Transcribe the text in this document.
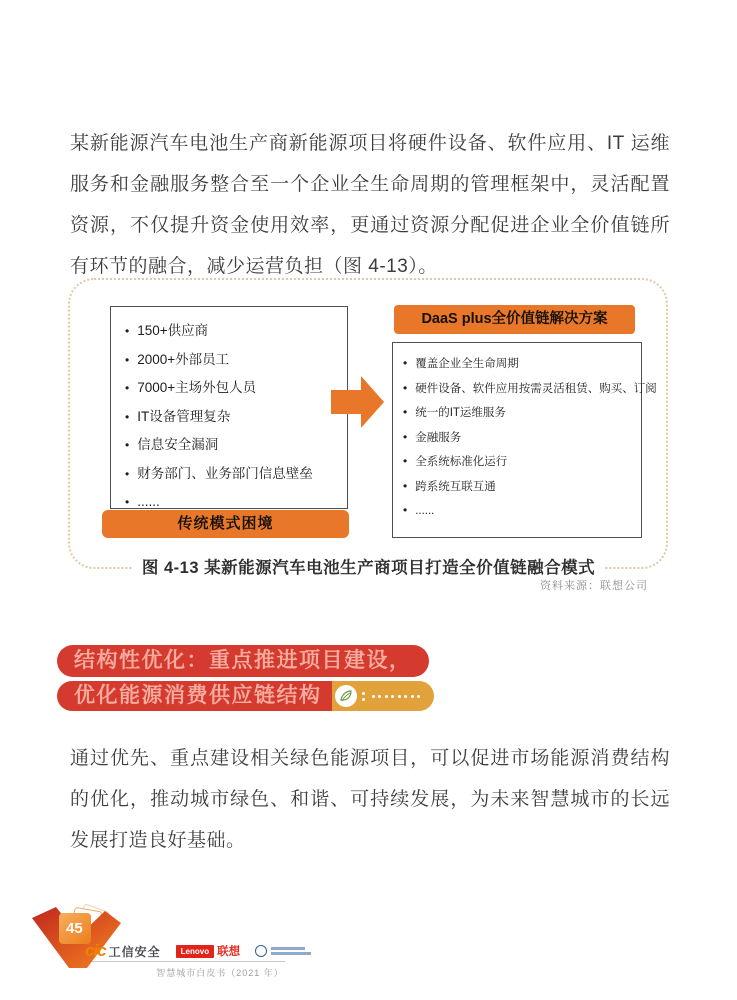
某新能源汽车电池生产商新能源项目将硬件设备、软件应用、IT 运维服务和金融服务整合至一个企业全生命周期的管理框架中，灵活配置资源，不仅提升资金使用效率，更通过资源分配促进企业全价值链所有环节的融合，减少运营负担（图 4-13）。

• 150+供应商
• 2000+外部员工
• 7000+主场外包人员
• IT设备管理复杂
• 信息安全漏洞
• 财务部门、业务部门信息壁垒
• ......
传统模式困境
DaaS plus全价值链解决方案
• 覆盖企业全生命周期
• 硬件设备、软件应用按需灵活租赁、购买、订阅
• 统一的IT运维服务
• 金融服务
• 全系统标准化运行
• 跨系统互联互通
• ......
图 4-13 某新能源汽车电池生产商项目打造全价值链融合模式
资料来源：联想公司
结构性优化：重点推进项目建设，
优化能源消费供应链结构

通过优先、重点建设相关绿色能源项目，可以促进市场能源消费结构的优化，推动城市绿色、和谐、可持续发展，为未来智慧城市的长远发展打造良好基础。

45
cic 工信安全	Lenovo 联想
智慧城市白皮书（2021 年）
